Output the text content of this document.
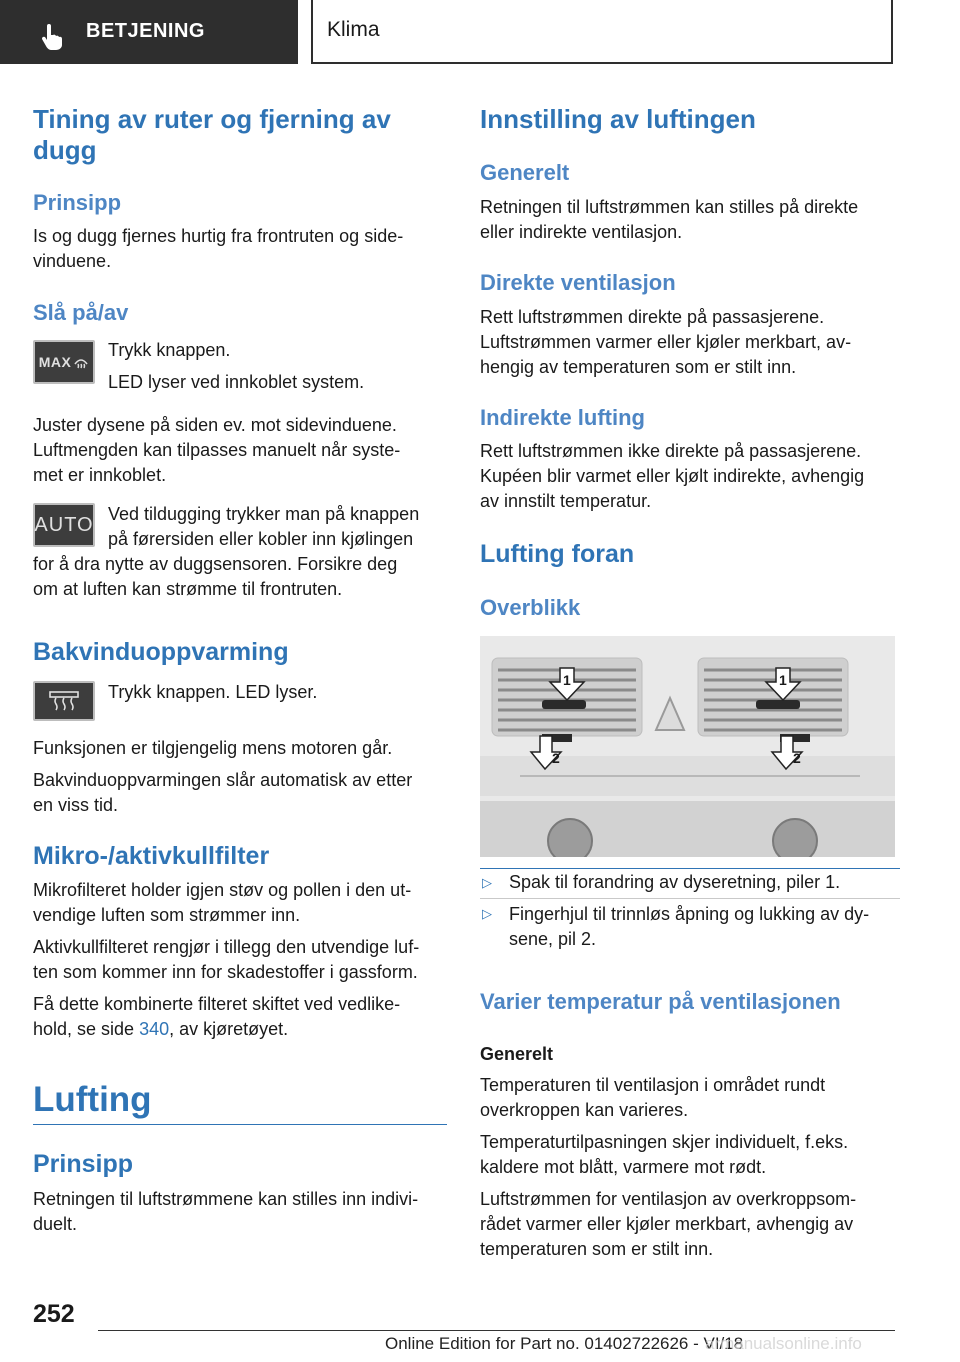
BETJENING	Klima
Tining av ruter og fjerning av
dugg
Prinsipp
Is og dugg fjernes hurtig fra frontruten og side-
vinduene.
Slå på/av
MAX
Trykk knappen.
LED lyser ved innkoblet system.
Juster dysene på siden ev. mot sidevinduene.
Luftmengden kan tilpasses manuelt når syste-
met er innkoblet.
AUTO Ved tildugging trykker man på knappen
på førersiden eller kobler inn kjølingen
for å dra nytte av duggsensoren. Forsikre deg
om at luften kan strømme til frontruten.
Bakvinduoppvarming
Trykk knappen. LED lyser.
Funksjonen er tilgjengelig mens motoren går.
Bakvinduoppvarmingen slår automatisk av etter
en viss tid.
Mikro-/aktivkullfilter
Mikrofilteret holder igjen støv og pollen i den ut-
vendige luften som strømmer inn.
Aktivkullfilteret rengjør i tillegg den utvendige luf-
ten som kommer inn for skadestoffer i gassform.
Få dette kombinerte filteret skiftet ved vedlike-
hold, se side 340, av kjøretøyet.
Lufting
Prinsipp
Retningen til luftstrømmene kan stilles inn indivi-
duelt.
Innstilling av luftingen
Generelt
Retningen til luftstrømmen kan stilles på direkte
eller indirekte ventilasjon.
Direkte ventilasjon
Rett luftstrømmen direkte på passasjerene.
Luftstrømmen varmer eller kjøler merkbart, av-
hengig av temperaturen som er stilt inn.
Indirekte lufting
Rett luftstrømmen ikke direkte på passasjerene.
Kupéen blir varmet eller kjølt indirekte, avhengig
av innstilt temperatur.
Lufting foran
Overblikk
1	1
2	2
▷ Spak til forandring av dyseretning, piler 1.
▷ Fingerhjul til trinnløs åpning og lukking av dy-
sene, pil 2.
Varier temperatur på ventilasjonen
Generelt
Temperaturen til ventilasjon i området rundt
overkroppen kan varieres.
Temperaturtilpasningen skjer individuelt, f.eks.
kaldere mot blått, varmere mot rødt.
Luftstrømmen for ventilasjon av overkroppsom-
rådet varmer eller kjøler merkbart, avhengig av
temperaturen som er stilt inn.
252
Online Edition for Part no. 01402722626 - VI/18
armanualsonline.info
